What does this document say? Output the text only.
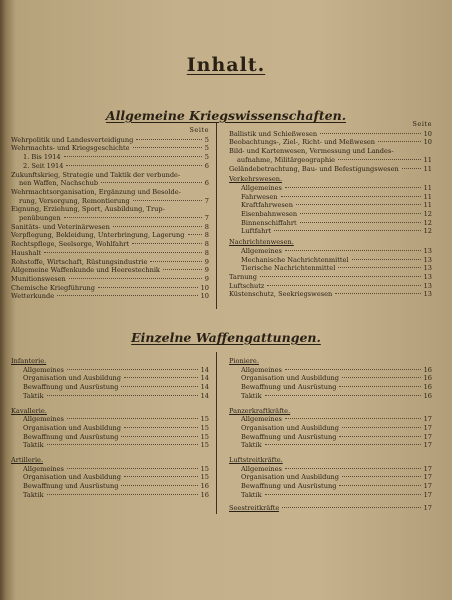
Inhalt.
Allgemeine Kriegswissenschaften.
Einzelne Waffengattungen.
Seite
Wehrpolitik und Landesverteidigung	5
Wehrmachts- und Kriegsgeschichte	5
1. Bis 1914	5
2. Seit 1914	6
Zukunftskrieg, Strategie und Taktik der verbunde-
nen Waffen, Nachschub	6
Wehrmachtsorganisation, Ergänzung und Besolde-
rung, Versorgung, Remontierung	7
Eignung, Erziehung, Sport, Ausbildung, Trup-
penübungen	7
Sanitäts- und Veterinärwesen	8
Verpflegung, Bekleidung, Unterbringung, Lagerung	8
Rechtspflege, Seelsorge, Wohlfahrt	8
Haushalt	8
Rohstoffe, Wirtschaft, Rüstungsindustrie	9
Allgemeine Waffenkunde und Heerestechnik	9
Munitionswesen	9
Chemische Kriegführung	10
Wetterkunde	10
Seite
Ballistik und Schießwesen	10
Beobachtungs-, Ziel-, Richt- und Meßwesen	10
Bild- und Kartenwesen, Vermessung und Landes-
aufnahme, Militärgeographie	11
Geländebetrachtung, Bau- und Befestigungswesen	11
Verkehrswesen.
Allgemeines	11
Fahrwesen	11
Kraftfahrwesen	11
Eisenbahnwesen	12
Binnenschiffahrt	12
Luftfahrt	12
Nachrichtenwesen.
Allgemeines	13
Mechanische Nachrichtenmittel	13
Tierische Nachrichtenmittel	13
Tarnung	13
Luftschutz	13
Küstenschutz, Seekriegswesen	13
Infanterie.
Allgemeines	14
Organisation und Ausbildung	14
Bewaffnung und Ausrüstung	14
Taktik	14
Kavallerie.
Allgemeines	15
Organisation und Ausbildung	15
Bewaffnung und Ausrüstung	15
Taktik	15
Artillerie.
Allgemeines	15
Organisation und Ausbildung	15
Bewaffnung und Ausrüstung	16
Taktik	16
Pioniere.
Allgemeines	16
Organisation und Ausbildung	16
Bewaffnung und Ausrüstung	16
Taktik	16
Panzerkraftkräfte.
Allgemeines	17
Organisation und Ausbildung	17
Bewaffnung und Ausrüstung	17
Taktik	17
Luftstreitkräfte.
Allgemeines	17
Organisation und Ausbildung	17
Bewaffnung und Ausrüstung	17
Taktik	17
Seestreitkräfte	17
